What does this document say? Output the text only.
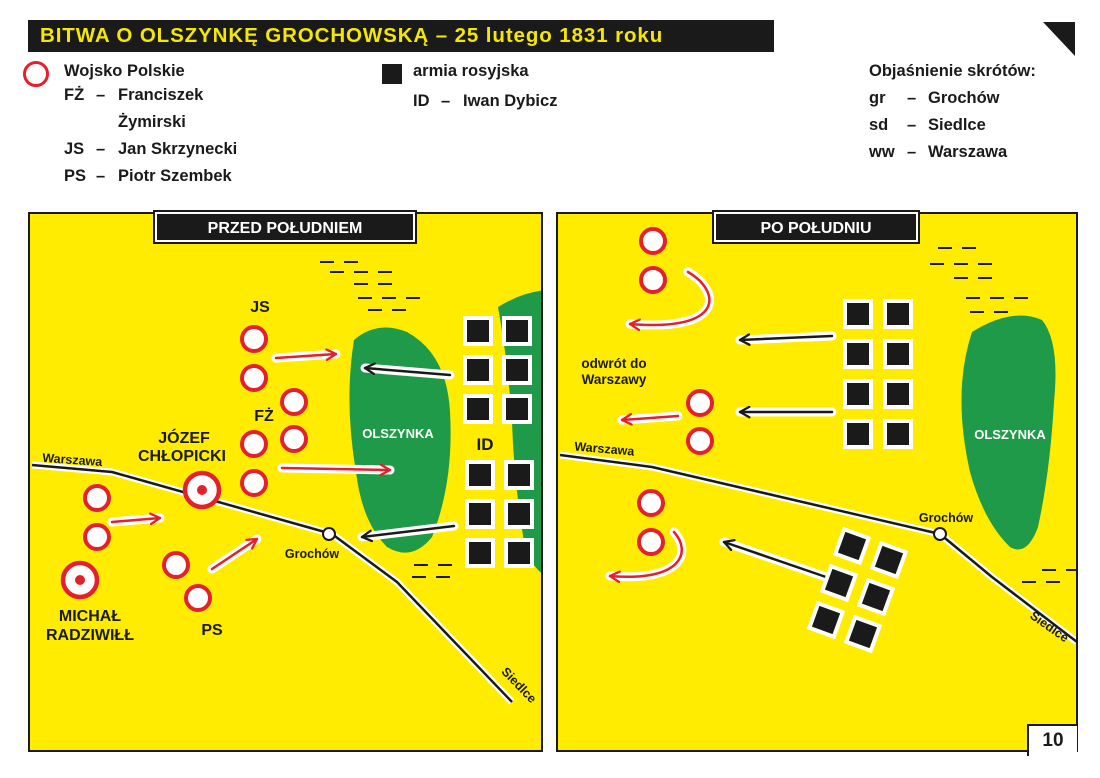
BITWA O OLSZYNKĘ GROCHOWSKĄ – 25 lutego 1831 roku
Wojsko Polskie
FŻ – Franciszek
Żymirski
JS – Jan Skrzynecki
PS – Piotr Szembek
armia rosyjska
ID – Iwan Dybicz
Objaśnienie skrótów:
gr – Grochów
sd – Siedlce
ww – Warszawa
OLSZYNKA
JS
FŻ
PS
ID
JÓZEF
CHŁOPICKI
MICHAŁ
RADZIWIŁŁ
Warszawa
Grochów
Siedlce
PRZED POŁUDNIEM
OLSZYNKA
odwrót do
Warszawy
Warszawa
Grochów
Siedlce
PO POŁUDNIU
10
